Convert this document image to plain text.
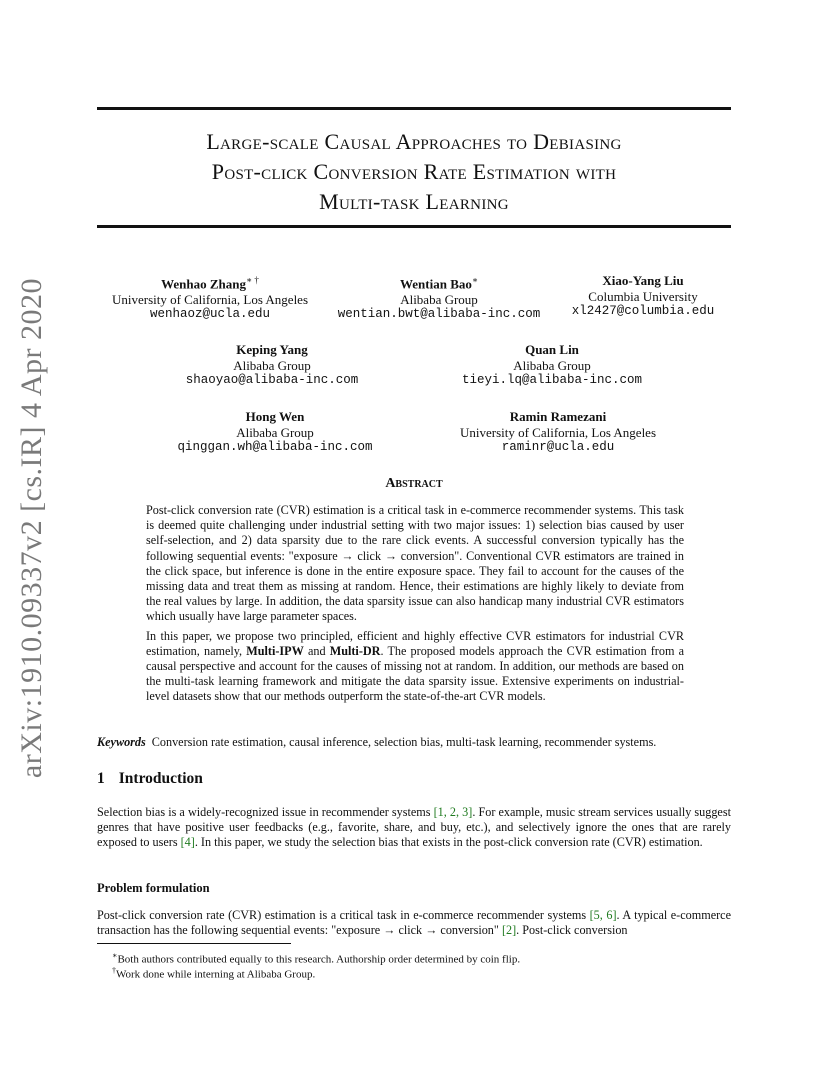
arXiv:1910.09337v2 [cs.IR] 4 Apr 2020
Large-scale Causal Approaches to Debiasing
Post-click Conversion Rate Estimation with
Multi-task Learning
Wenhao Zhang∗ †
University of California, Los Angeles
wenhaoz@ucla.edu
Wentian Bao∗
Alibaba Group
wentian.bwt@alibaba-inc.com
Xiao-Yang Liu
Columbia University
xl2427@columbia.edu
Keping Yang
Alibaba Group
shaoyao@alibaba-inc.com
Quan Lin
Alibaba Group
tieyi.lq@alibaba-inc.com
Hong Wen
Alibaba Group
qinggan.wh@alibaba-inc.com
Ramin Ramezani
University of California, Los Angeles
raminr@ucla.edu
Abstract

Post-click conversion rate (CVR) estimation is a critical task in e-commerce recommender systems. This task is deemed quite challenging under industrial setting with two major issues: 1) selection bias caused by user self-selection, and 2) data sparsity due to the rare click events. A successful conversion typically has the following sequential events: "exposure → click → conversion". Conventional CVR estimators are trained in the click space, but inference is done in the entire exposure space. They fail to account for the causes of the missing data and treat them as missing at random. Hence, their estimations are highly likely to deviate from the real values by large. In addition, the data sparsity issue can also handicap many industrial CVR estimators which usually have large parameter spaces.

In this paper, we propose two principled, efficient and highly effective CVR estimators for industrial CVR estimation, namely, Multi-IPW and Multi-DR. The proposed models approach the CVR estimation from a causal perspective and account for the causes of missing not at random. In addition, our methods are based on the multi-task learning framework and mitigate the data sparsity issue. Extensive experiments on industrial-level datasets show that our methods outperform the state-of-the-art CVR models.

Keywords Conversion rate estimation, causal inference, selection bias, multi-task learning, recommender systems.
1 Introduction

Selection bias is a widely-recognized issue in recommender systems [1, 2, 3]. For example, music stream services usually suggest genres that have positive user feedbacks (e.g., favorite, share, and buy, etc.), and selectively ignore the ones that are rarely exposed to users [4]. In this paper, we study the selection bias that exists in the post-click conversion rate (CVR) estimation.

Problem formulation

Post-click conversion rate (CVR) estimation is a critical task in e-commerce recommender systems [5, 6]. A typical e-commerce transaction has the following sequential events: "exposure → click → conversion" [2]. Post-click conversion

∗Both authors contributed equally to this research. Authorship order determined by coin flip.
†Work done while interning at Alibaba Group.
